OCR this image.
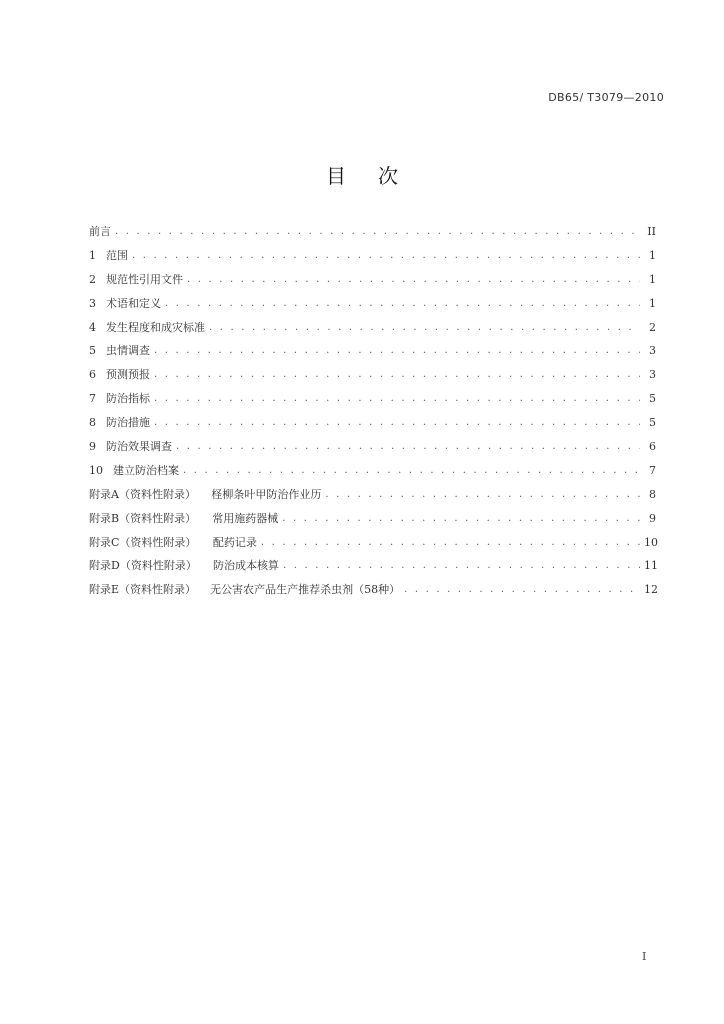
DB65/ T3079—2010
目次
前言 . . .	II
1 范围 . . .	1
2 规范性引用文件 . . .	1
3 术语和定义 . . .	1
4 发生程度和成灾标准 . . .	2
5 虫情调查 . . .	3
6 预测预报 . . .	3
7 防治指标 . . .	5
8 防治措施 . . .	5
9 防治效果调查 . . .	6
10 建立防治档案 . . .	7
附录A（资料性附录） 柽柳条叶甲防治作业历 . . .	8
附录B（资料性附录） 常用施药器械 . . .	9
附录C（资料性附录） 配药记录 . . .	10
附录D（资料性附录） 防治成本核算 . . .	11
附录E（资料性附录） 无公害农产品生产推荐杀虫剂（58种） . . .	12
I
